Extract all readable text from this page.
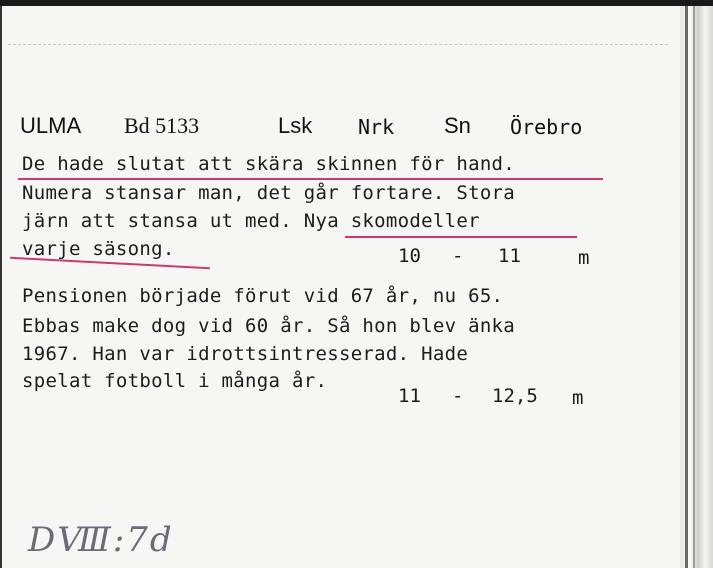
ULMA Bd 5133	Lsk Nrk Sn Örebro
De hade slutat att skära skinnen för hand.
Numera stansar man, det går fortare. Stora
järn att stansa ut med. Nya skomodeller
varje säsong.	10 - 11	m
Pensionen började förut vid 67 år, nu 65.
Ebbas make dog vid 60 år. Så hon blev änka
1967. Han var idrottsintresserad. Hade
spelat fotboll i många år.
11 - 12,5 m
DⅧ:7d
